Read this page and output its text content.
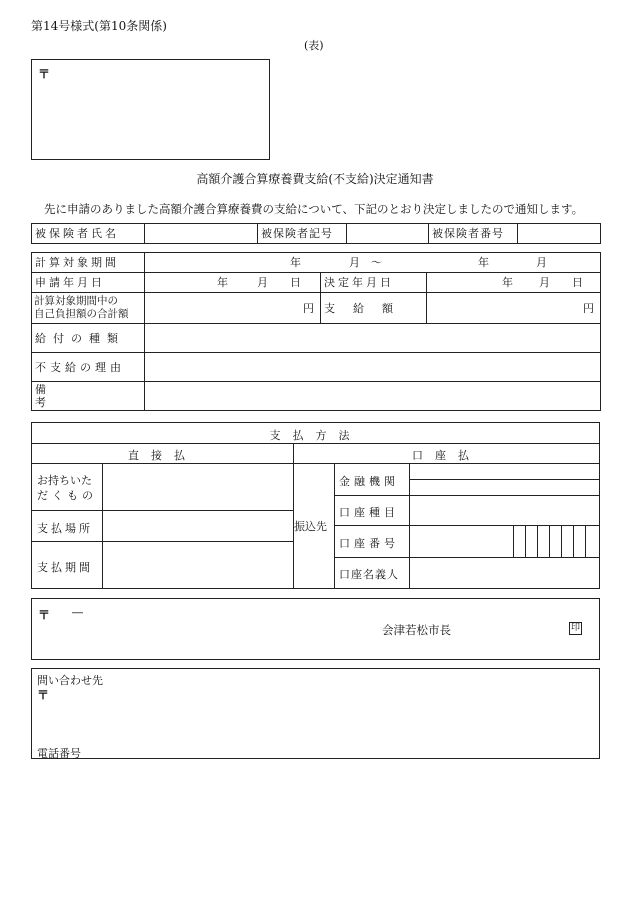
第14号様式(第10条関係)
(表)
〒
高額介護合算療養費支給(不支給)決定通知書
先に申請のありました高額介護合算療養費の支給について、下記のとおり決定しましたので通知します。
被保険者氏名		被保険者記号		被保険者番号	
計算対象期間	年 月 〜 年 月		

申請年月日	年 月 日	決定年月日	年 月 日

計算対象期間中の
自己負担額の合計額	円	支給額	円
給付の種類			
不支給の理由			
備考			
支払方法
直接払	口座払
お持ちいた
だくもの
支払場所
支払期間
振込先
金融機関
口座種目
口座番号
口座名義人
〒 ―
会津若松市長	印
問い合わせ先
〒
電話番号
